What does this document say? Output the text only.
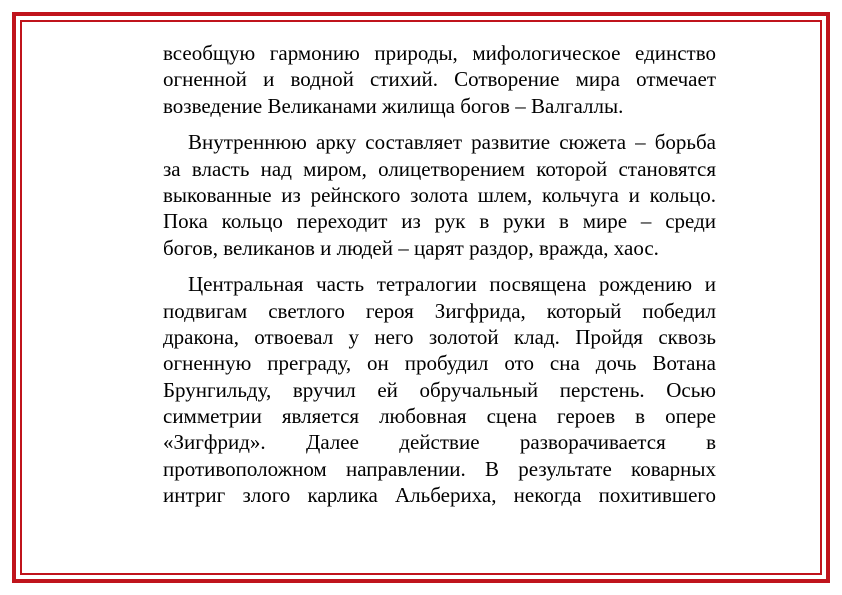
всеобщую гармонию природы, мифологическое единство
огненной и водной стихий. Сотворение мира отмечает
возведение Великанами жилища богов – Валгаллы.

Внутреннюю арку составляет развитие сюжета – борьба
за власть над миром, олицетворением которой становятся
выкованные из рейнского золота шлем, кольчуга и кольцо.
Пока кольцо переходит из рук в руки в мире – среди
богов, великанов и людей – царят раздор, вражда, хаос.

Центральная часть тетралогии посвящена рождению и
подвигам светлого героя Зигфрида, который победил
дракона, отвоевал у него золотой клад. Пройдя сквозь
огненную преграду, он пробудил ото сна дочь Вотана
Брунгильду, вручил ей обручальный перстень. Осью
симметрии является любовная сцена героев в опере
«Зигфрид». Далее действие разворачивается в
противоположном направлении. В результате коварных
интриг злого карлика Альбериха, некогда похитившего
